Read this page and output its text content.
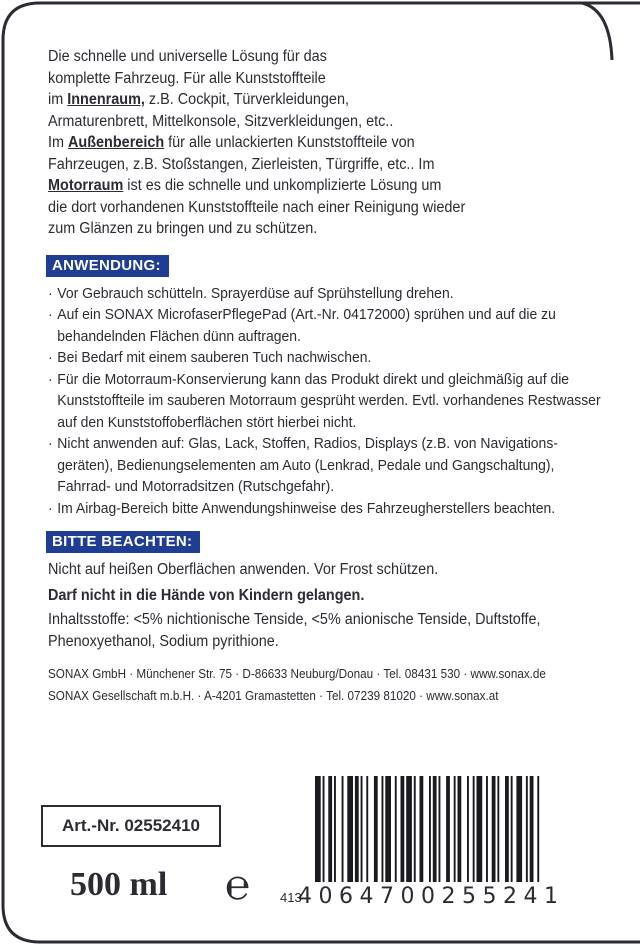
Die schnelle und universelle Lösung für das
komplette Fahrzeug. Für alle Kunststoffteile
im Innenraum, z.B. Cockpit, Türverkleidungen,
Armaturenbrett, Mittelkonsole, Sitzverkleidungen, etc..
Im Außenbereich für alle unlackierten Kunststoffteile von
Fahrzeugen, z.B. Stoßstangen, Zierleisten, Türgriffe, etc.. Im
Motorraum ist es die schnelle und unkomplizierte Lösung um
die dort vorhandenen Kunststoffteile nach einer Reinigung wieder
zum Glänzen zu bringen und zu schützen.
ANWENDUNG:
· Vor Gebrauch schütteln. Sprayerdüse auf Sprühstellung drehen.
· Auf ein SONAX MicrofaserPflegePad (Art.-Nr. 04172000) sprühen und auf die zu behandelnden Flächen dünn auftragen.
· Bei Bedarf mit einem sauberen Tuch nachwischen.
· Für die Motorraum-Konservierung kann das Produkt direkt und gleichmäßig auf die Kunststoffteile im sauberen Motorraum gesprüht werden. Evtl. vorhandenes Restwasser auf den Kunststoffoberflächen stört hierbei nicht.
· Nicht anwenden auf: Glas, Lack, Stoffen, Radios, Displays (z.B. von Navigations-geräten), Bedienungselementen am Auto (Lenkrad, Pedale und Gangschaltung), Fahrrad- und Motorradsitzen (Rutschgefahr).
· Im Airbag-Bereich bitte Anwendungshinweise des Fahrzeugherstellers beachten.
BITTE BEACHTEN:
Nicht auf heißen Oberflächen anwenden. Vor Frost schützen.
Darf nicht in die Hände von Kindern gelangen.
Inhaltsstoffe: <5% nichtionische Tenside, <5% anionische Tenside, Duftstoffe, Phenoxyethanol, Sodium pyrithione.
SONAX GmbH · Münchener Str. 75 · D-86633 Neuburg/Donau · Tel. 08431 530 · www.sonax.de
SONAX Gesellschaft m.b.H. · A-4201 Gramastetten · Tel. 07239 81020 · www.sonax.at
Art.-Nr. 02552410
500 ml ℮ 413
4064700255241
